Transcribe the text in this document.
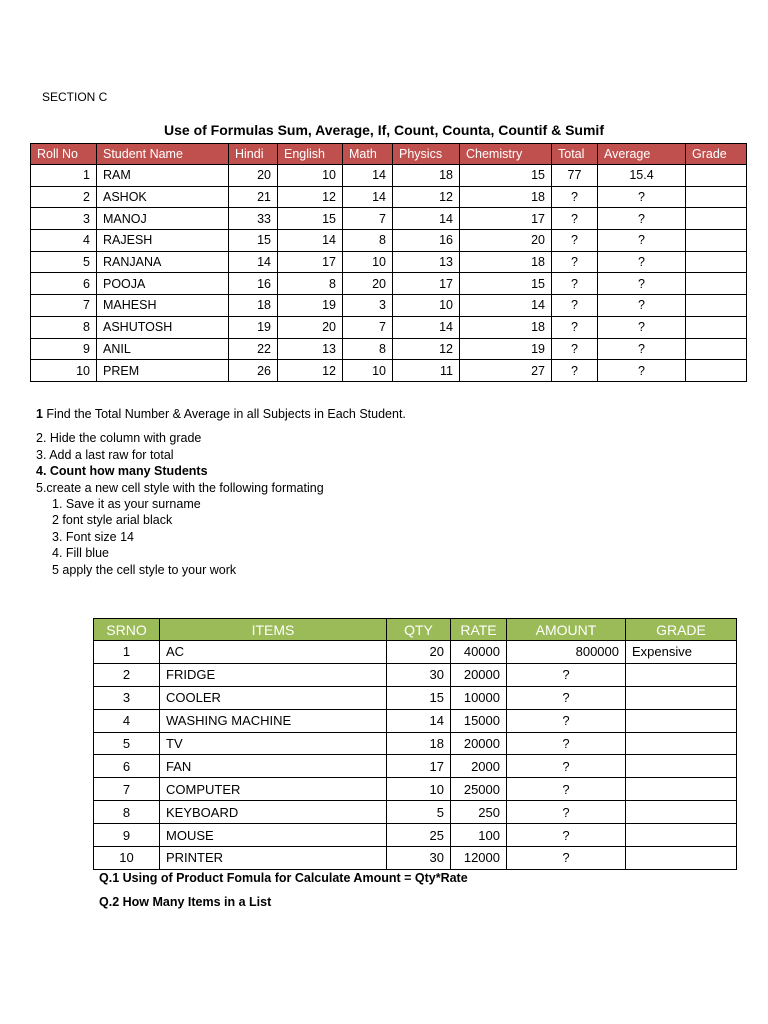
SECTION C
Use of Formulas Sum, Average, If, Count, Counta, Countif & Sumif
Roll No	Student Name	Hindi	English	Math	Physics	Chemistry	Total	Average	Grade
1	RAM	20	10	14	18	15	77	15.4	
2	ASHOK	21	12	14	12	18	?	?	
3	MANOJ	33	15	7	14	17	?	?	
4	RAJESH	15	14	8	16	20	?	?	
5	RANJANA	14	17	10	13	18	?	?	
6	POOJA	16	8	20	17	15	?	?	
7	MAHESH	18	19	3	10	14	?	?	
8	ASHUTOSH	19	20	7	14	18	?	?	
9	ANIL	22	13	8	12	19	?	?	
10	PREM	26	12	10	11	27	?	?	
1 Find the Total Number & Average in all Subjects in Each Student.
2. Hide the column with grade
3. Add a last raw for total
4. Count how many Students
5.create a new cell style with the following formating
1. Save it as your surname
2 font style arial black
3. Font size 14
4. Fill blue
5 apply the cell style to your work
SRNO	ITEMS	QTY	RATE	AMOUNT	GRADE
1	AC	20	40000	800000	Expensive
2	FRIDGE	30	20000	?	
3	COOLER	15	10000	?	
4	WASHING MACHINE	14	15000	?	
5	TV	18	20000	?	
6	FAN	17	2000	?	
7	COMPUTER	10	25000	?	
8	KEYBOARD	5	250	?	
9	MOUSE	25	100	?	
10	PRINTER	30	12000	?	
Q.1 Using of Product Fomula for Calculate Amount = Qty*Rate
Q.2 How Many Items in a List
